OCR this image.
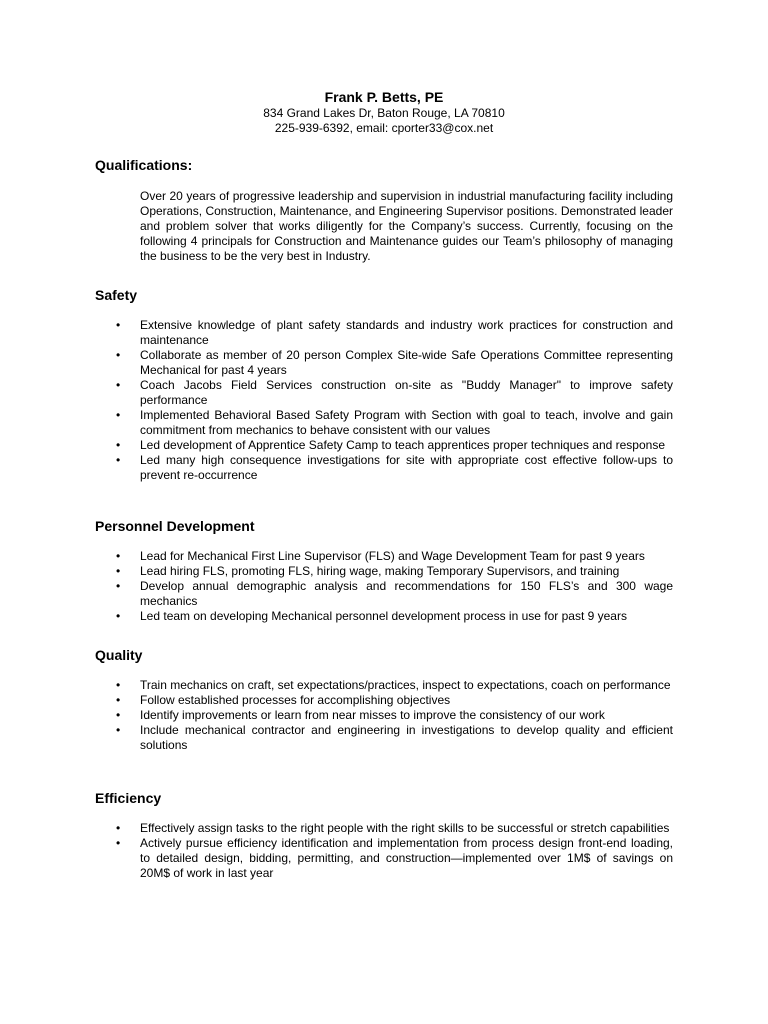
Frank P. Betts, PE

834 Grand Lakes Dr, Baton Rouge, LA 70810

225-939-6392, email: cporter33@cox.net

Qualifications:

Over 20 years of progressive leadership and supervision in industrial manufacturing facility including Operations, Construction, Maintenance, and Engineering Supervisor positions. Demonstrated leader and problem solver that works diligently for the Company’s success. Currently, focusing on the following 4 principals for Construction and Maintenance guides our Team’s philosophy of managing the business to be the very best in Industry.

Safety
• Extensive knowledge of plant safety standards and industry work practices for construction and maintenance
• Collaborate as member of 20 person Complex Site-wide Safe Operations Committee representing Mechanical for past 4 years
• Coach Jacobs Field Services construction on-site as "Buddy Manager" to improve safety performance
• Implemented Behavioral Based Safety Program with Section with goal to teach, involve and gain commitment from mechanics to behave consistent with our values
• Led development of Apprentice Safety Camp to teach apprentices proper techniques and response
• Led many high consequence investigations for site with appropriate cost effective follow-ups to prevent re-occurrence
Personnel Development
• Lead for Mechanical First Line Supervisor (FLS) and Wage Development Team for past 9 years
• Lead hiring FLS, promoting FLS, hiring wage, making Temporary Supervisors, and training
• Develop annual demographic analysis and recommendations for 150 FLS’s and 300 wage mechanics
• Led team on developing Mechanical personnel development process in use for past 9 years
Quality
• Train mechanics on craft, set expectations/practices, inspect to expectations, coach on performance
• Follow established processes for accomplishing objectives
• Identify improvements or learn from near misses to improve the consistency of our work
• Include mechanical contractor and engineering in investigations to develop quality and efficient solutions
Efficiency
• Effectively assign tasks to the right people with the right skills to be successful or stretch capabilities
• Actively pursue efficiency identification and implementation from process design front-end loading, to detailed design, bidding, permitting, and construction—implemented over 1M$ of savings on 20M$ of work in last year
